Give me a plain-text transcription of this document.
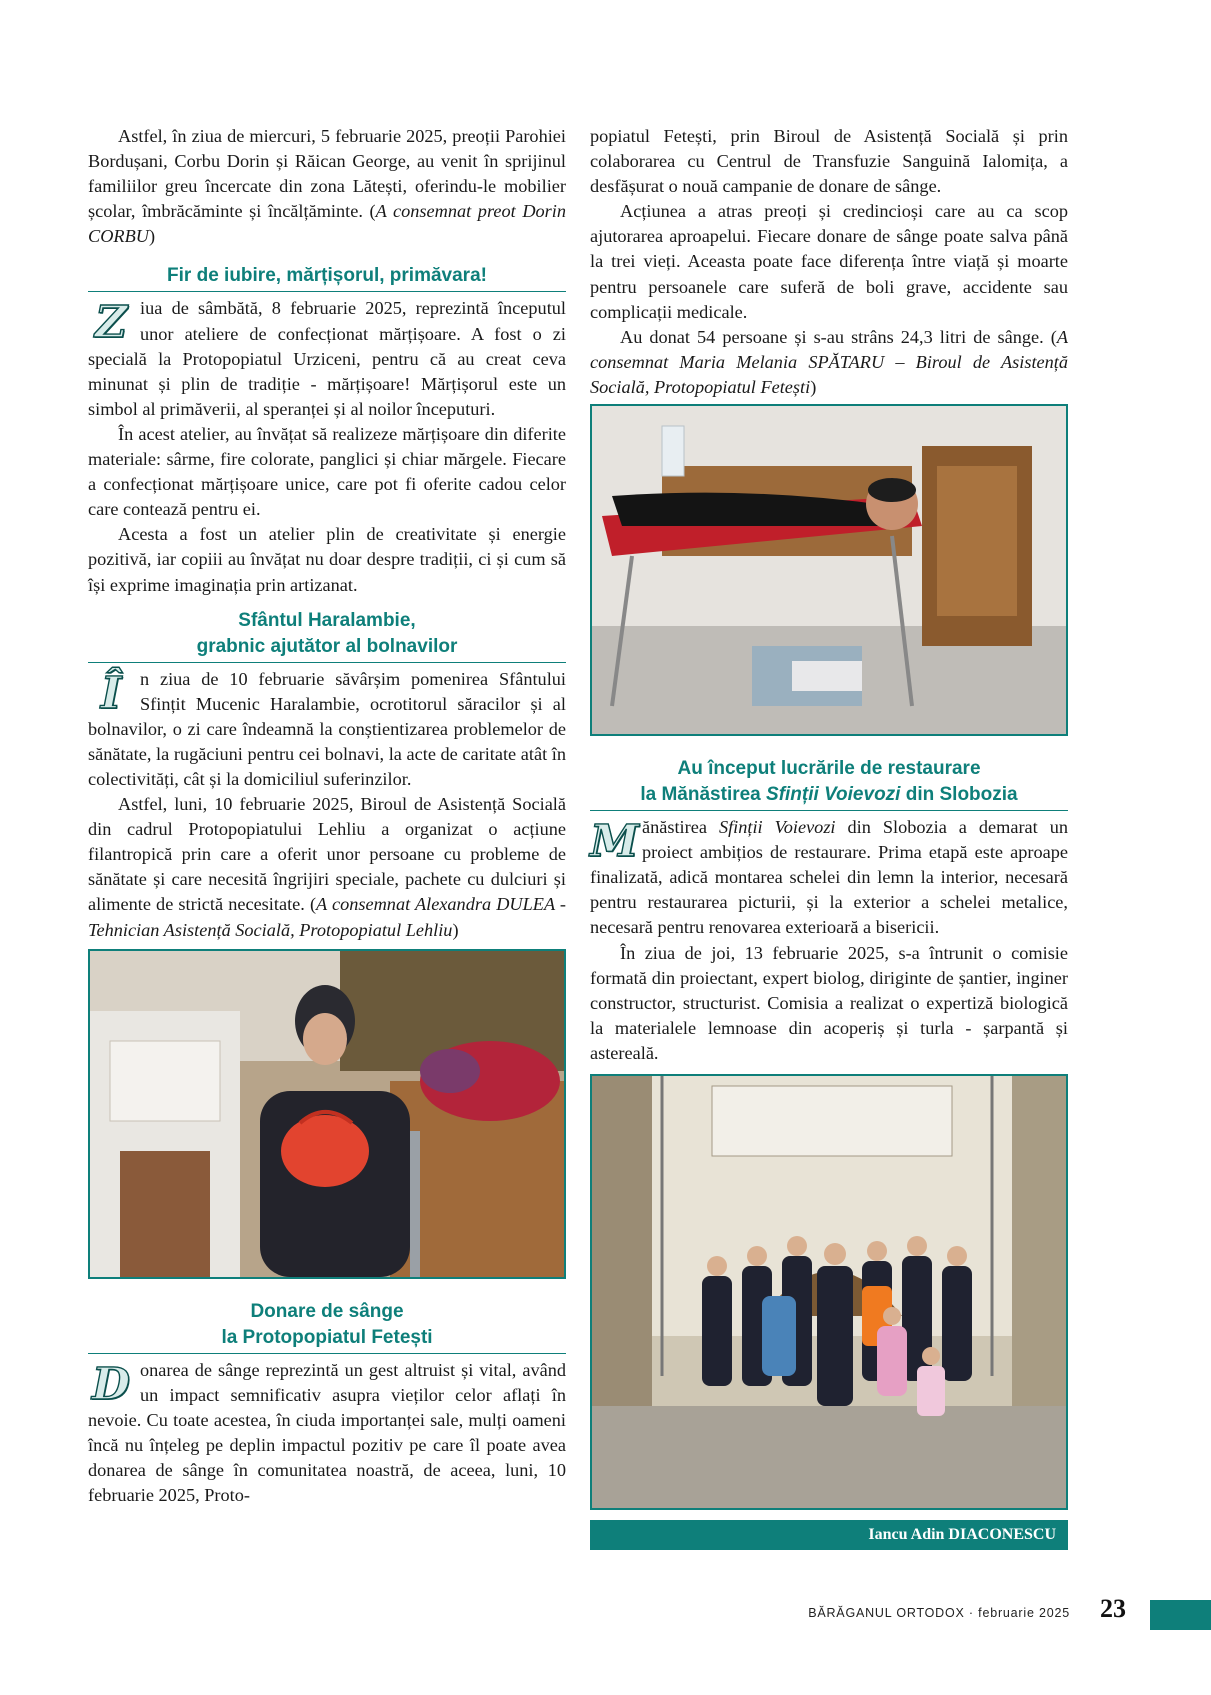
Astfel, în ziua de miercuri, 5 februarie 2025, preoții Parohiei Bordușani, Corbu Dorin și Răican George, au venit în sprijinul familiilor greu încercate din zona Lătești, oferindu-le mobilier școlar, îmbrăcăminte și încălțăminte. (A consemnat preot Dorin CORBU)

Fir de iubire, mărțișorul, primăvara!

Ziua de sâmbătă, 8 februarie 2025, reprezintă începutul unor ateliere de confecționat mărțișoare. A fost o zi specială la Protopopiatul Urziceni, pentru că au creat ceva minunat și plin de tradiție - mărțișoare! Mărțișorul este un simbol al primăverii, al speranței și al noilor începuturi.

În acest atelier, au învățat să realizeze mărțișoare din diferite materiale: sârme, fire colorate, panglici și chiar mărgele. Fiecare a confecționat mărțișoare unice, care pot fi oferite cadou celor care contează pentru ei.

Acesta a fost un atelier plin de creativitate și energie pozitivă, iar copiii au învățat nu doar despre tradiții, ci și cum să își exprime imaginația prin artizanat.

Sfântul Haralambie,
grabnic ajutător al bolnavilor

Î	n ziua de 10 februarie săvârșim pomenirea Sfântului Sfințit Mucenic Haralambie, ocrotitorul săracilor și al bolnavilor, o zi care îndeamnă la conștientizarea problemelor de sănătate, la rugăciuni pentru cei bolnavi, la acte de caritate atât în colectivități, cât și la domiciliul suferinzilor.

Astfel, luni, 10 februarie 2025, Biroul de Asistență Socială din cadrul Protopopiatului Lehliu a organizat o acțiune filantropică prin care a oferit unor persoane cu probleme de sănătate și care necesită îngrijiri speciale, pachete cu dulciuri și alimente de strictă necesitate. (A consemnat Alexandra DULEA - Tehnician Asistență Socială, Protopopiatul Lehliu)

Donare de sânge
la Protopopiatul Fetești

Donarea de sânge reprezintă un gest altruist și vital, având un impact semnificativ asupra vieților celor aflați în nevoie. Cu toate acestea, în ciuda importanței sale, mulți oameni încă nu înțeleg pe deplin impactul pozitiv pe care îl poate avea donarea de sânge în comunitatea noastră, de aceea, luni, 10 februarie 2025, Proto-

popiatul Fetești, prin Biroul de Asistență Socială și prin colaborarea cu Centrul de Transfuzie Sanguină Ialomița, a desfășurat o nouă campanie de donare de sânge.

Acțiunea a atras preoți și credincioși care au ca scop ajutorarea aproapelui. Fiecare donare de sânge poate salva până la trei vieți. Aceasta poate face diferența între viață și moarte pentru persoanele care suferă de boli grave, accidente sau complicații medicale.

Au donat 54 persoane și s-au strâns 24,3 litri de sânge. (A consemnat Maria Melania SPĂTARU – Biroul de Asistență Socială, Protopopiatul Fetești)

Au început lucrările de restaurare
la Mănăstirea Sfinții Voievozi din Slobozia

Mănăstirea Sfinții Voievozi din Slobozia a demarat un proiect ambițios de restaurare. Prima etapă este aproape finalizată, adică montarea schelei din lemn la interior, necesară pentru restaurarea picturii, și la exterior a schelei metalice, necesară pentru renovarea exterioară a bisericii.

În ziua de joi, 13 februarie 2025, s-a întrunit o comisie formată din proiectant, expert biolog, diriginte de șantier, inginer constructor, structurist. Comisia a realizat o expertiză biologică la materialele lemnoase din acoperiș și turla - șarpantă și astereală.

Iancu Adin DIACONESCU
BĂRĂGANUL ORTODOX · februarie 2025 23
